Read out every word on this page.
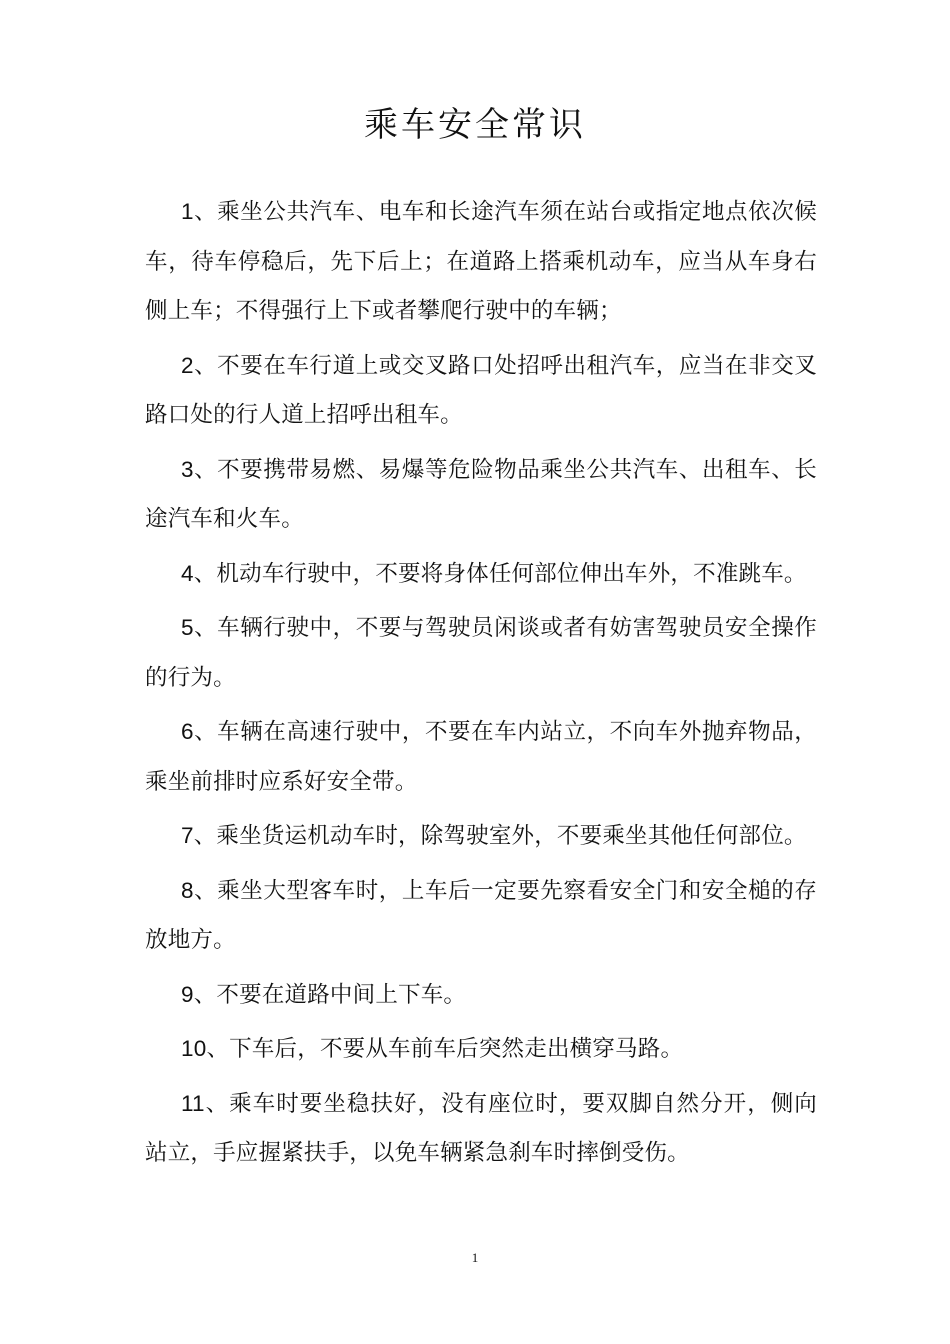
乘车安全常识

1、乘坐公共汽车、电车和长途汽车须在站台或指定地点依次候车，待车停稳后，先下后上；在道路上搭乘机动车，应当从车身右侧上车；不得强行上下或者攀爬行驶中的车辆；

2、不要在车行道上或交叉路口处招呼出租汽车，应当在非交叉路口处的行人道上招呼出租车。

3、不要携带易燃、易爆等危险物品乘坐公共汽车、出租车、长途汽车和火车。

4、机动车行驶中，不要将身体任何部位伸出车外，不准跳车。

5、车辆行驶中，不要与驾驶员闲谈或者有妨害驾驶员安全操作的行为。

6、车辆在高速行驶中，不要在车内站立，不向车外抛弃物品，乘坐前排时应系好安全带。

7、乘坐货运机动车时，除驾驶室外，不要乘坐其他任何部位。

8、乘坐大型客车时，上车后一定要先察看安全门和安全槌的存放地方。

9、不要在道路中间上下车。

10、下车后，不要从车前车后突然走出横穿马路。

11、乘车时要坐稳扶好，没有座位时，要双脚自然分开，侧向站立，手应握紧扶手，以免车辆紧急刹车时摔倒受伤。

1
